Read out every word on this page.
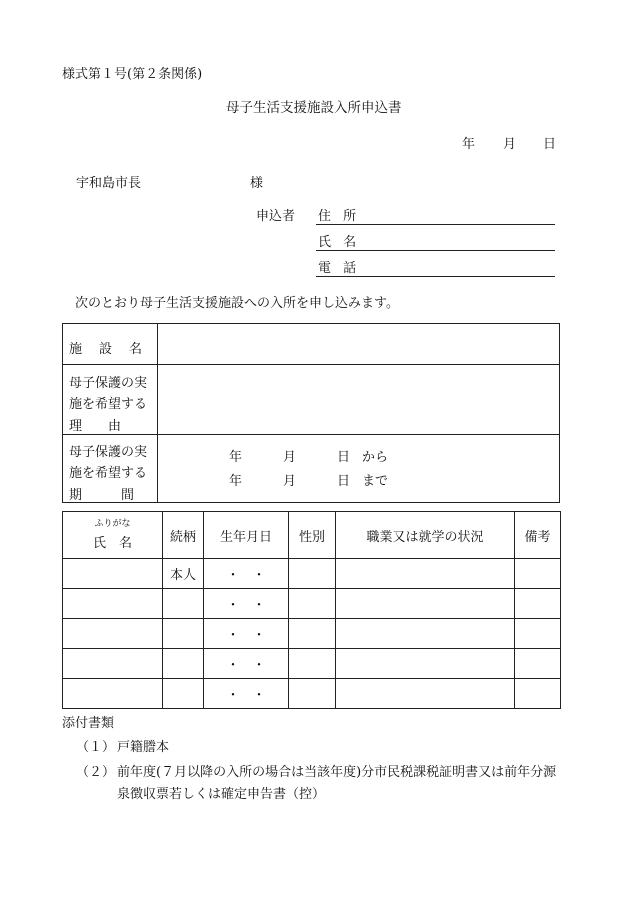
様式第１号(第２条関係)
母子生活支援施設入所申込書
年 月 日
宇和島市長	様
申込者 住 所
氏 名
電 話
次のとおり母子生活支援施設への入所を申し込みます。
施　設　名
母子保護の実
施を希望する
理　　由
母子保護の実
施を希望する
期　　　間
年	月	日 から
年	月	日 まで
ふりがな
氏　名	続柄	生年月日	性別	職業又は就学の状況	備考
	本人	・　・			
		・　・			
		・　・			
		・　・			
		・　・			
添付書類
（１） 戸籍謄本
（２） 前年度(７月以降の入所の場合は当該年度)分市民税課税証明書又は前年分源
泉徴収票若しくは確定申告書（控）
